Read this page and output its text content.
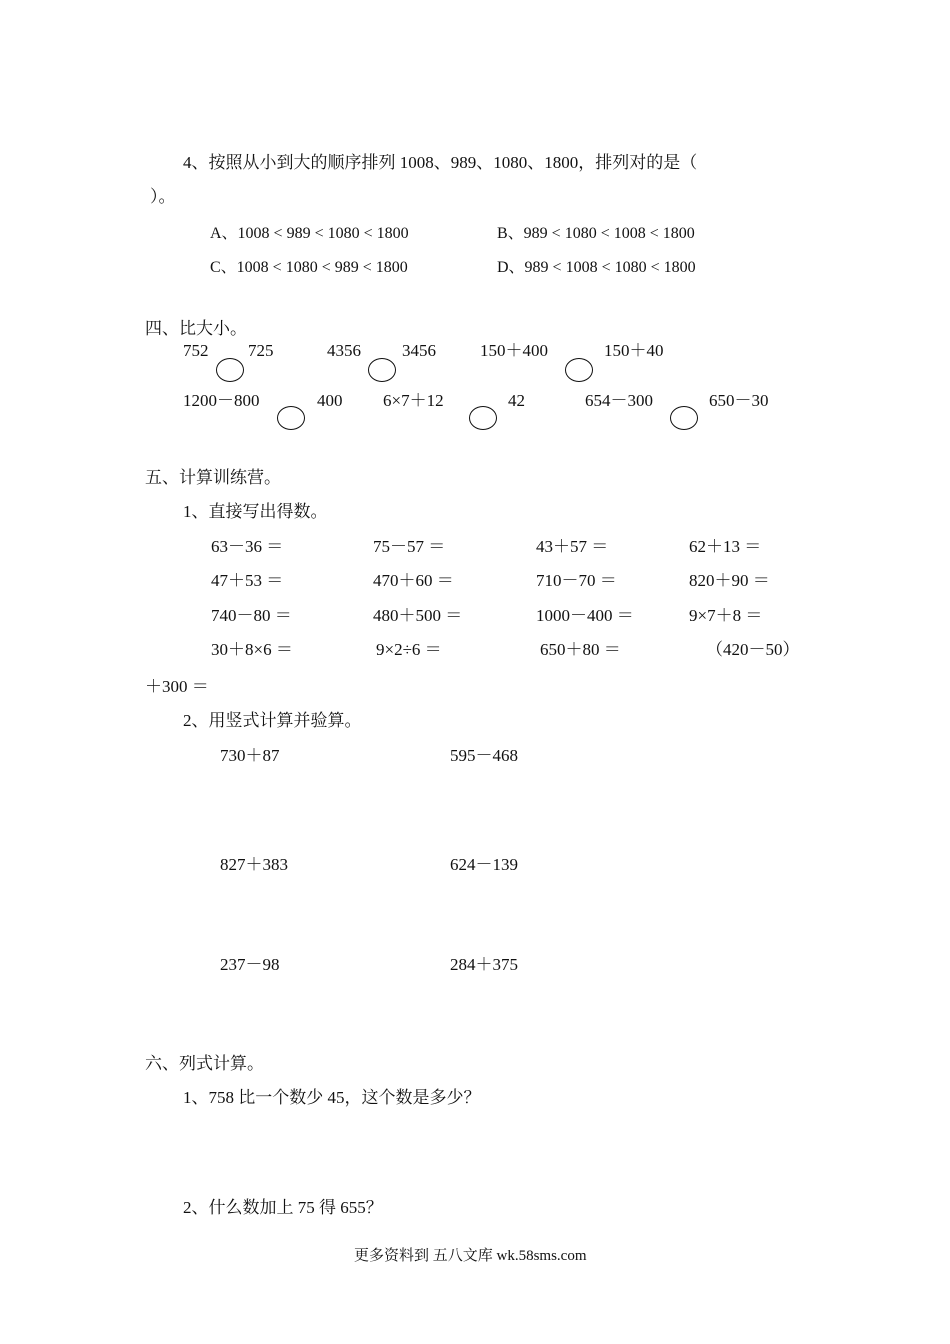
4、按照从小到大的顺序排列 1008、989、1080、1800，排列对的是（
）。
A、1008 < 989 < 1080 < 1800	B、989 < 1080 < 1008 < 1800
C、1008 < 1080 < 989 < 1800	D、989 < 1008 < 1080 < 1800
四、比大小。
752 725	4356 3456	150＋400	150＋40
1200－800	400 6×7＋12	42	654－300	650－30
五、计算训练营。
1、直接写出得数。
63－36 ＝	75－57 ＝	43＋57 ＝	62＋13 ＝
47＋53 ＝	470＋60 ＝	710－70 ＝	820＋90 ＝
740－80 ＝	480＋500 ＝	1000－400 ＝	9×7＋8 ＝
30＋8×6 ＝	9×2÷6 ＝	650＋80 ＝	（420－50）
＋300 ＝
2、用竖式计算并验算。
730＋87	595－468
827＋383	624－139
237－98	284＋375
六、列式计算。
1、758 比一个数少 45，这个数是多少？
2、什么数加上 75 得 655？
更多资料到 五八文库 wk.58sms.com
